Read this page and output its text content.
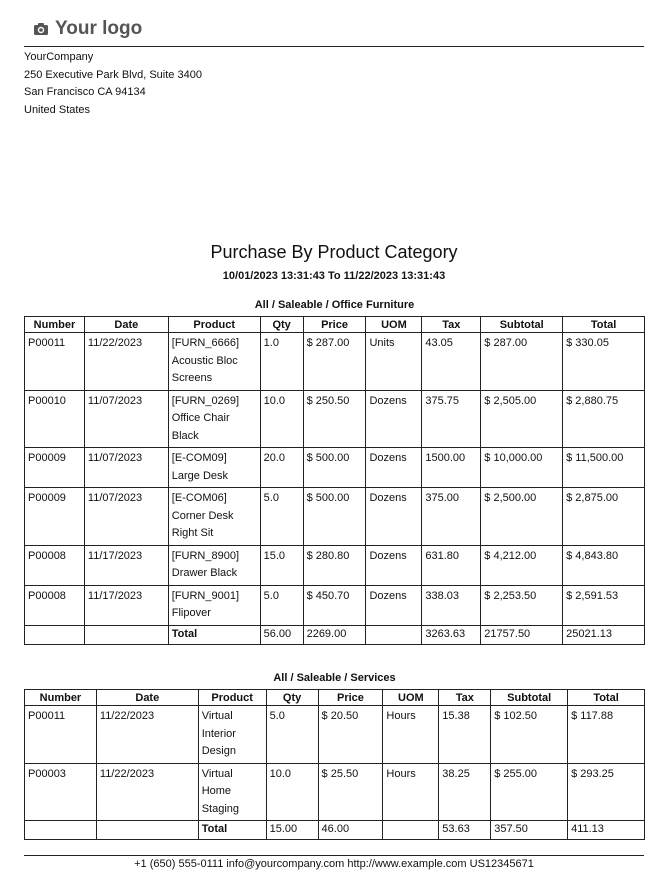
Your logo
YourCompany
250 Executive Park Blvd, Suite 3400
San Francisco CA 94134
United States
Purchase By Product Category
10/01/2023 13:31:43 To 11/22/2023 13:31:43
All / Saleable / Office Furniture
Number	Date	Product	Qty	Price	UOM	Tax	Subtotal	Total
P00011	11/22/2023	[FURN_6666]
Acoustic Bloc
Screens	1.0	$ 287.00	Units	43.05	$ 287.00	$ 330.05
P00010	11/07/2023	[FURN_0269]
Office Chair
Black	10.0	$ 250.50	Dozens	375.75	$ 2,505.00	$ 2,880.75
P00009	11/07/2023	[E-COM09]
Large Desk	20.0	$ 500.00	Dozens	1500.00	$ 10,000.00	$ 11,500.00
P00009	11/07/2023	[E-COM06]
Corner Desk
Right Sit	5.0	$ 500.00	Dozens	375.00	$ 2,500.00	$ 2,875.00
P00008	11/17/2023	[FURN_8900]
Drawer Black	15.0	$ 280.80	Dozens	631.80	$ 4,212.00	$ 4,843.80
P00008	11/17/2023	[FURN_9001]
Flipover	5.0	$ 450.70	Dozens	338.03	$ 2,253.50	$ 2,591.53
		Total	56.00	2269.00		3263.63	21757.50	25021.13
All / Saleable / Services
Number	Date	Product	Qty	Price	UOM	Tax	Subtotal	Total
P00011	11/22/2023	Virtual
Interior
Design	5.0	$ 20.50	Hours	15.38	$ 102.50	$ 117.88
P00003	11/22/2023	Virtual
Home
Staging	10.0	$ 25.50	Hours	38.25	$ 255.00	$ 293.25
		Total	15.00	46.00		53.63	357.50	411.13
+1 (650) 555-0111 info@yourcompany.com http://www.example.com US12345671
